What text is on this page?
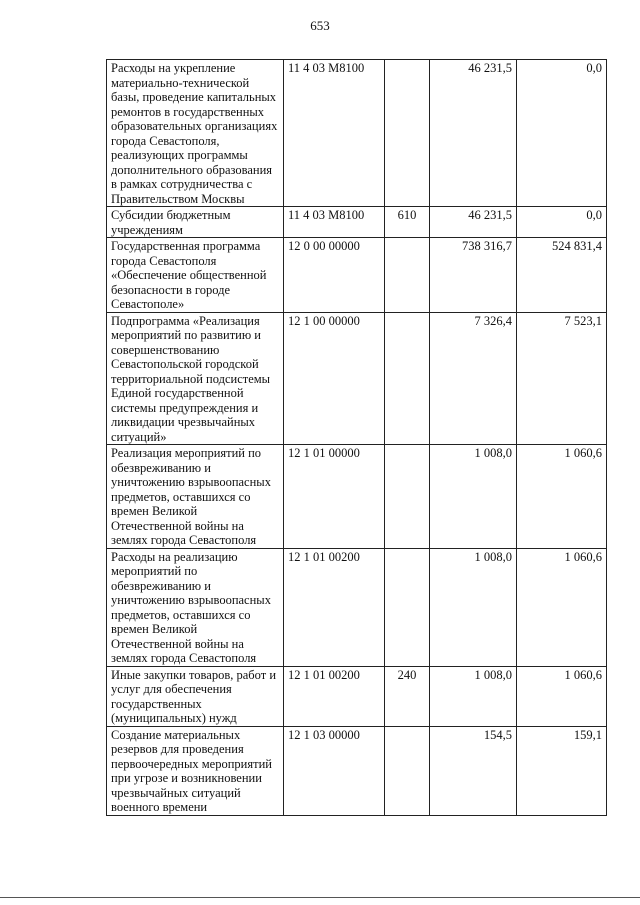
653
Расходы на укрепление материально-технической базы, проведение капитальных ремонтов в государственных образовательных организациях города Севастополя, реализующих программы дополнительного образования в рамках сотрудничества с Правительством Москвы	11 4 03 М8100		46 231,5	0,0
Субсидии бюджетным учреждениям	11 4 03 М8100	610	46 231,5	0,0
Государственная программа города Севастополя «Обеспечение общественной безопасности в городе Севастополе»	12 0 00 00000		738 316,7	524 831,4
Подпрограмма «Реализация мероприятий по развитию и совершенствованию Севастопольской городской территориальной подсистемы Единой государственной системы предупреждения и ликвидации чрезвычайных ситуаций»	12 1 00 00000		7 326,4	7 523,1
Реализация мероприятий по обезвреживанию и уничтожению взрывоопасных предметов, оставшихся со времен Великой Отечественной войны на землях города Севастополя	12 1 01 00000		1 008,0	1 060,6
Расходы на реализацию мероприятий по обезвреживанию и уничтожению взрывоопасных предметов, оставшихся со времен Великой Отечественной войны на землях города Севастополя	12 1 01 00200		1 008,0	1 060,6
Иные закупки товаров, работ и услуг для обеспечения государственных (муниципальных) нужд	12 1 01 00200	240	1 008,0	1 060,6
Создание материальных резервов для проведения первоочередных мероприятий при угрозе и возникновении чрезвычайных ситуаций военного времени	12 1 03 00000		154,5	159,1
